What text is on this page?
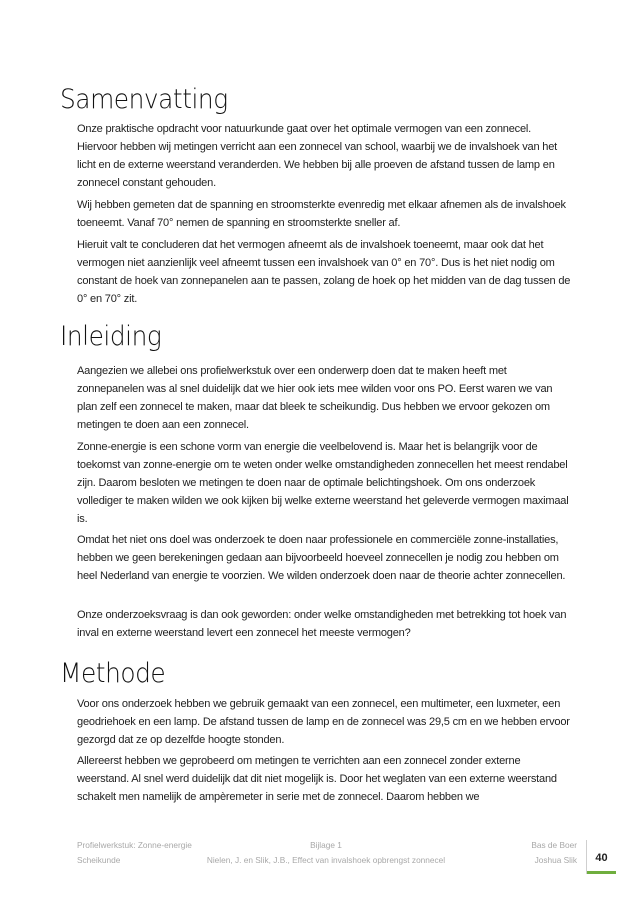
Samenvatting

Onze praktische opdracht voor natuurkunde gaat over het optimale vermogen van een zonnecel. Hiervoor hebben wij metingen verricht aan een zonnecel van school, waarbij we de invalshoek van het licht en de externe weerstand veranderden. We hebben bij alle proeven de afstand tussen de lamp en zonnecel constant gehouden.

Wij hebben gemeten dat de spanning en stroomsterkte evenredig met elkaar afnemen als de invalshoek toeneemt. Vanaf 70° nemen de spanning en stroomsterkte sneller af.

Hieruit valt te concluderen dat het vermogen afneemt als de invalshoek toeneemt, maar ook dat het vermogen niet aanzienlijk veel afneemt tussen een invalshoek van 0° en 70°. Dus is het niet nodig om constant de hoek van zonnepanelen aan te passen, zolang de hoek op het midden van de dag tussen de 0° en 70° zit.

Inleiding

Aangezien we allebei ons profielwerkstuk over een onderwerp doen dat te maken heeft met zonnepanelen was al snel duidelijk dat we hier ook iets mee wilden voor ons PO. Eerst waren we van plan zelf een zonnecel te maken, maar dat bleek te scheikundig. Dus hebben we ervoor gekozen om metingen te doen aan een zonnecel.

Zonne-energie is een schone vorm van energie die veelbelovend is. Maar het is belangrijk voor de toekomst van zonne-energie om te weten onder welke omstandigheden zonnecellen het meest rendabel zijn. Daarom besloten we metingen te doen naar de optimale belichtingshoek. Om ons onderzoek vollediger te maken wilden we ook kijken bij welke externe weerstand het geleverde vermogen maximaal is.

Omdat het niet ons doel was onderzoek te doen naar professionele en commerciële zonne-installaties, hebben we geen berekeningen gedaan aan bijvoorbeeld hoeveel zonnecellen je nodig zou hebben om heel Nederland van energie te voorzien. We wilden onderzoek doen naar de theorie achter zonnecellen.

Onze onderzoeksvraag is dan ook geworden: onder welke omstandigheden met betrekking tot hoek van inval en externe weerstand levert een zonnecel het meeste vermogen?

Methode

Voor ons onderzoek hebben we gebruik gemaakt van een zonnecel, een multimeter, een luxmeter, een geodriehoek en een lamp. De afstand tussen de lamp en de zonnecel was 29,5 cm en we hebben ervoor gezorgd dat ze op dezelfde hoogte stonden.

Allereerst hebben we geprobeerd om metingen te verrichten aan een zonnecel zonder externe weerstand. Al snel werd duidelijk dat dit niet mogelijk is. Door het weglaten van een externe weerstand schakelt men namelijk de ampèremeter in serie met de zonnecel. Daarom hebben we

Profielwerkstuk: Zonne-energie
Scheikunde
Bijlage 1
Nielen, J. en Slik, J.B., Effect van invalshoek opbrengst zonnecel
Bas de Boer
Joshua Slik	40
